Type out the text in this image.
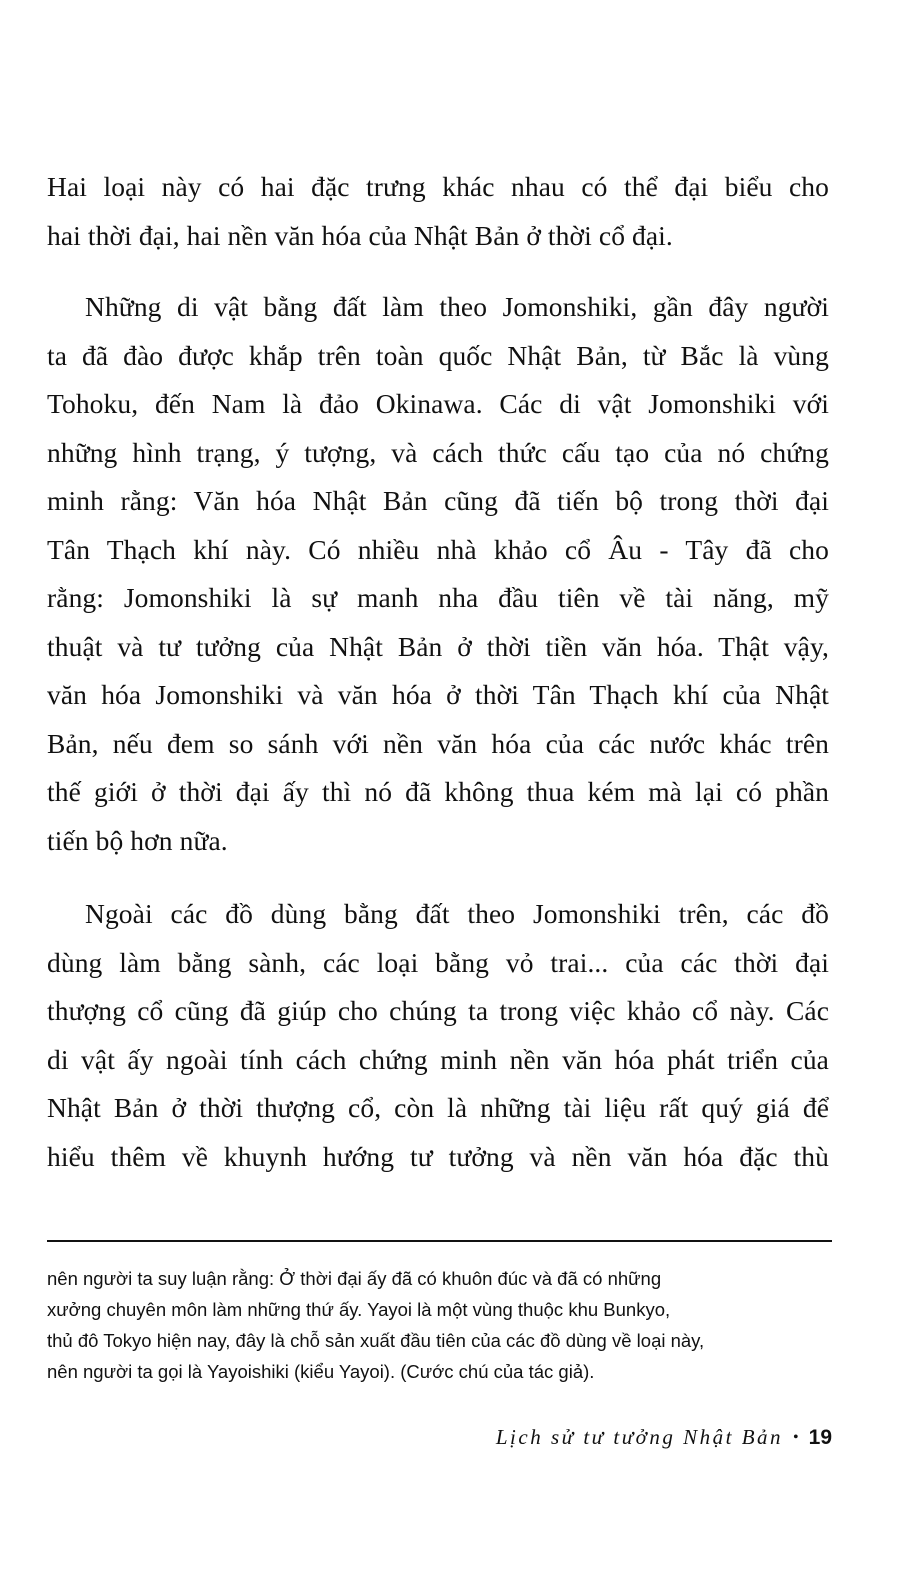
Hai loại này có hai đặc trưng khác nhau có thể đại biểu cho
hai thời đại, hai nền văn hóa của Nhật Bản ở thời cổ đại.
Những di vật bằng đất làm theo Jomonshiki, gần đây người
ta đã đào được khắp trên toàn quốc Nhật Bản, từ Bắc là vùng
Tohoku, đến Nam là đảo Okinawa. Các di vật Jomonshiki với
những hình trạng, ý tượng, và cách thức cấu tạo của nó chứng
minh rằng: Văn hóa Nhật Bản cũng đã tiến bộ trong thời đại
Tân Thạch khí này. Có nhiều nhà khảo cổ Âu - Tây đã cho
rằng: Jomonshiki là sự manh nha đầu tiên về tài năng, mỹ
thuật và tư tưởng của Nhật Bản ở thời tiền văn hóa. Thật vậy,
văn hóa Jomonshiki và văn hóa ở thời Tân Thạch khí của Nhật
Bản, nếu đem so sánh với nền văn hóa của các nước khác trên
thế giới ở thời đại ấy thì nó đã không thua kém mà lại có phần
tiến bộ hơn nữa.
Ngoài các đồ dùng bằng đất theo Jomonshiki trên, các đồ
dùng làm bằng sành, các loại bằng vỏ trai... của các thời đại
thượng cổ cũng đã giúp cho chúng ta trong việc khảo cổ này. Các
di vật ấy ngoài tính cách chứng minh nền văn hóa phát triển của
Nhật Bản ở thời thượng cổ, còn là những tài liệu rất quý giá để
hiểu thêm về khuynh hướng tư tưởng và nền văn hóa đặc thù
nên người ta suy luận rằng: Ở thời đại ấy đã có khuôn đúc và đã có những
xưởng chuyên môn làm những thứ ấy. Yayoi là một vùng thuộc khu Bunkyo,
thủ đô Tokyo hiện nay, đây là chỗ sản xuất đầu tiên của các đồ dùng về loại này,
nên người ta gọi là Yayoishiki (kiểu Yayoi). (Cước chú của tác giả).
Lịch sử tư tưởng Nhật Bản • 19
